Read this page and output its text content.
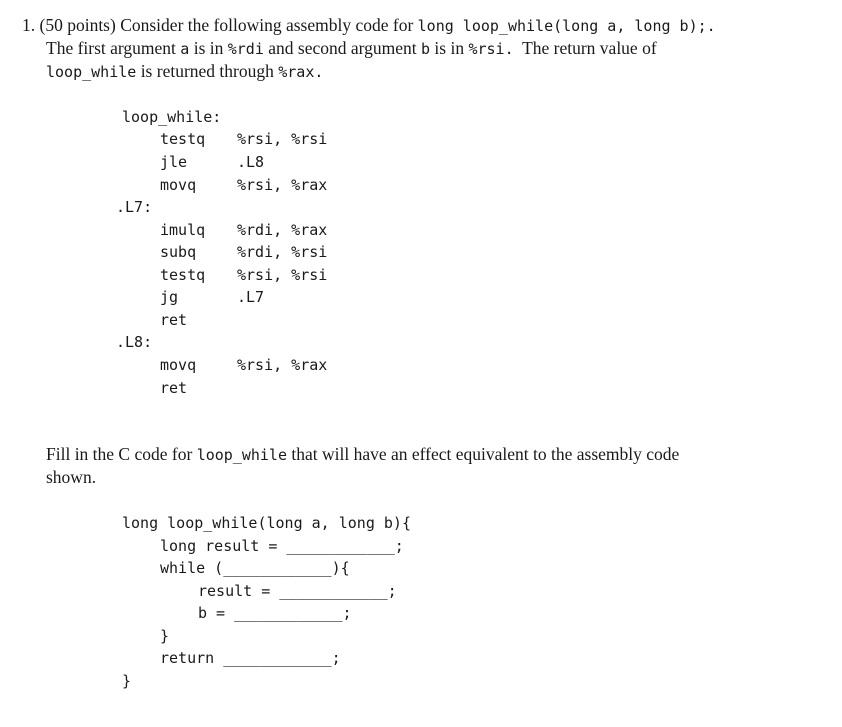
1. (50 points) Consider the following assembly code for long loop_while(long a, long b);.
The first argument a is in %rdi and second argument b is in %rsi. The return value of
loop_while is returned through %rax.
loop_while:
testq %rsi, %rsi
jle	.L8
movq	%rsi, %rax
.L7:
imulq %rdi, %rax
subq	%rdi, %rsi
testq %rsi, %rsi
jg	.L7
ret
.L8:
movq	%rsi, %rax
ret
Fill in the C code for loop_while that will have an effect equivalent to the assembly code
shown.
long loop_while(long a, long b){
long result = ____________;
while (____________){
result = ____________;
b = ____________;
}
return ____________;
}
